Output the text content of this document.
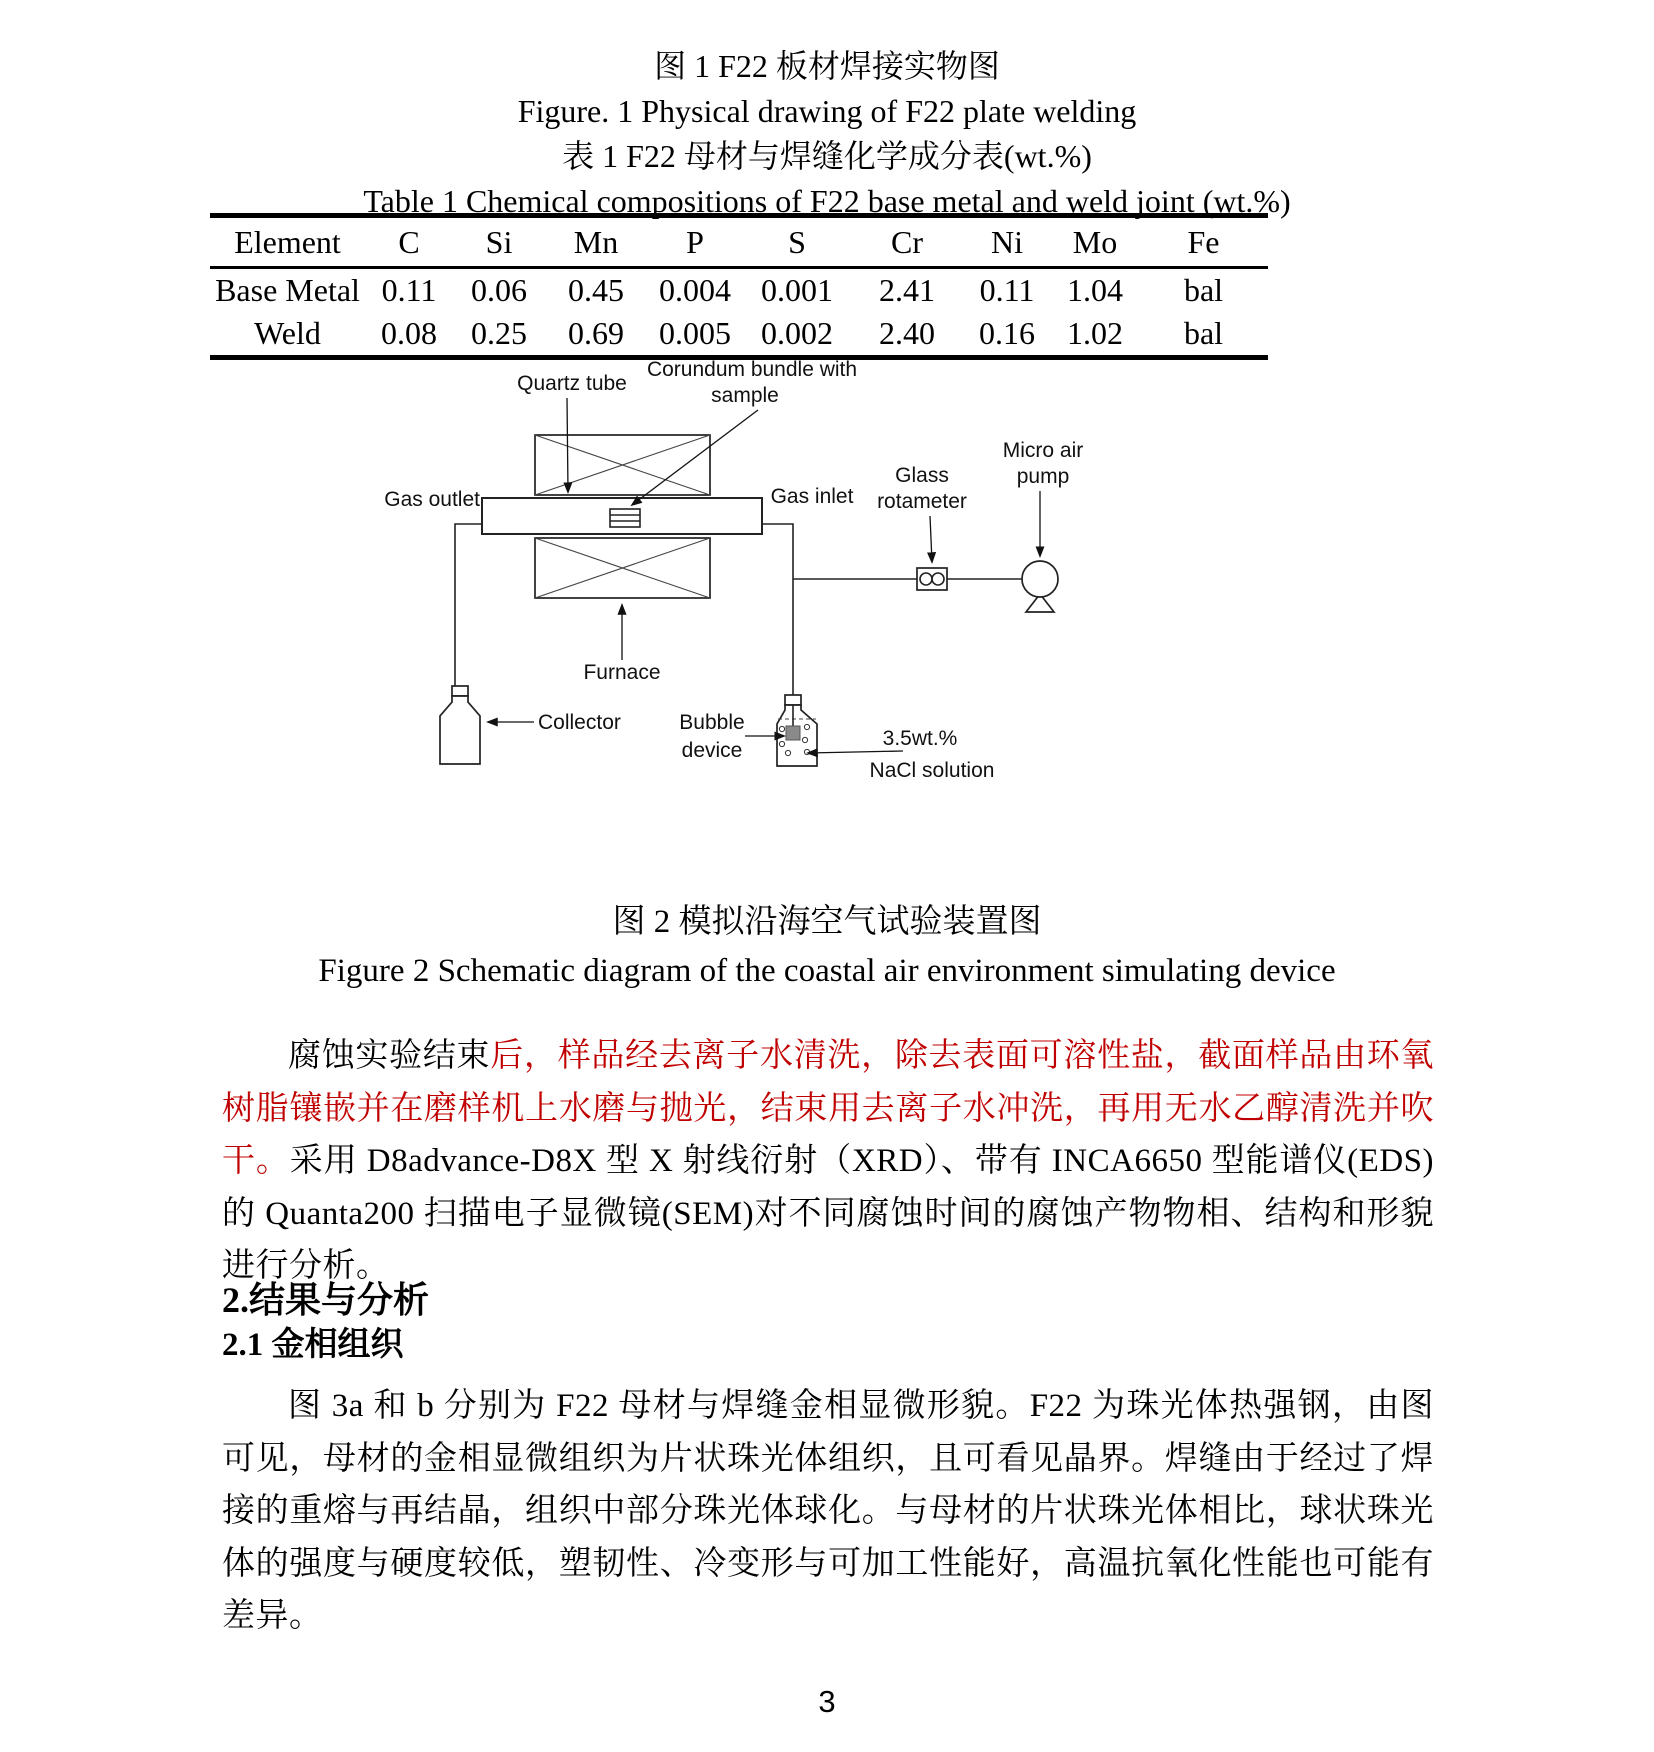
图 1 F22 板材焊接实物图
Figure. 1 Physical drawing of F22 plate welding
表 1 F22 母材与焊缝化学成分表(wt.%)
Table 1 Chemical compositions of F22 base metal and weld joint (wt.%)
Element	C	Si	Mn	P	S	Cr	Ni	Mo	Fe
Base Metal	0.11	0.06	0.45	0.004	0.001	2.41	0.11	1.04	bal
Weld	0.08	0.25	0.69	0.005	0.002	2.40	0.16	1.02	bal
Quartz tube
Corundum bundle with
sample
Gas outlet	Gas inlet
Glass
rotameter
Micro air
pump
Furnace
Collector	Bubble
device
3.5wt.%
NaCl solution
图 2 模拟沿海空气试验装置图
Figure 2 Schematic diagram of the coastal air environment simulating device

腐蚀实验结束后，样品经去离子水清洗，除去表面可溶性盐，截面样品由环氧树脂镶嵌并在磨样机上水磨与抛光，结束用去离子水冲洗，再用无水乙醇清洗并吹干。采用 D8advance-D8X 型 X 射线衍射（XRD）、带有 INCA6650 型能谱仪(EDS)的 Quanta200 扫描电子显微镜(SEM)对不同腐蚀时间的腐蚀产物物相、结构和形貌进行分析。

2.结果与分析
2.1 金相组织

图 3a 和 b 分别为 F22 母材与焊缝金相显微形貌。F22 为珠光体热强钢，由图可见，母材的金相显微组织为片状珠光体组织，且可看见晶界。焊缝由于经过了焊接的重熔与再结晶，组织中部分珠光体球化。与母材的片状珠光体相比，球状珠光体的强度与硬度较低，塑韧性、冷变形与可加工性能好，高温抗氧化性能也可能有差异。

3
